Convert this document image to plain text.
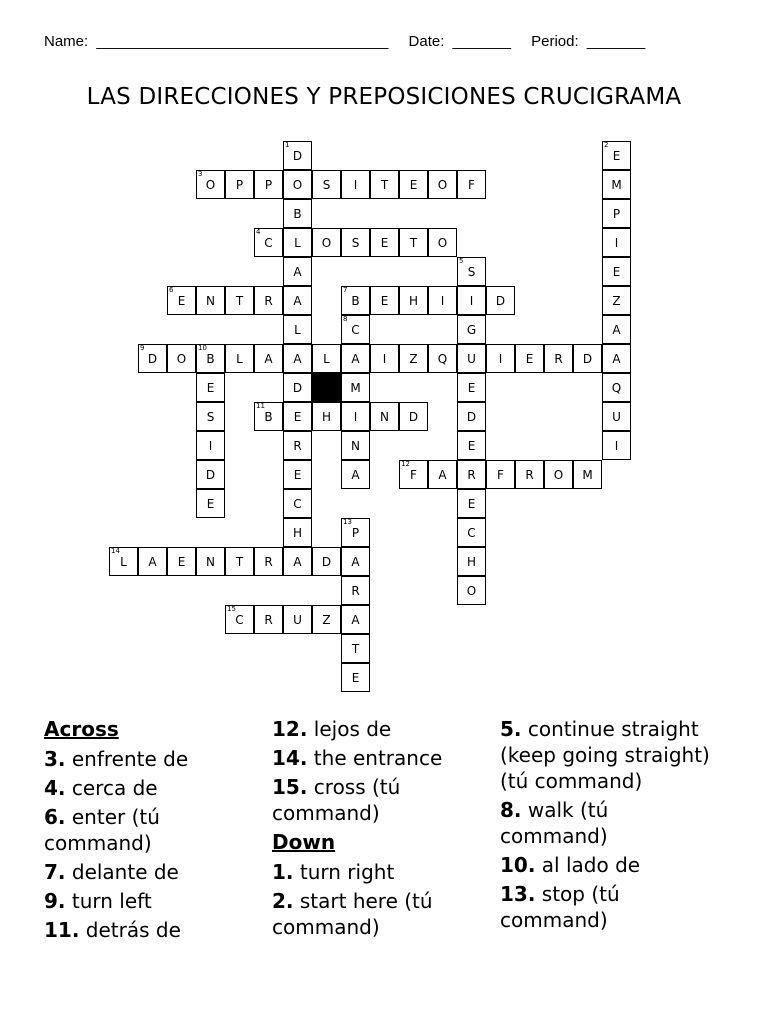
Name: ___________________________________ Date: _______ Period: _______
LAS DIRECCIONES Y PREPOSICIONES CRUCIGRAMA
1
D
O
B
L
A
A
L
A
D
E
R
E
C
H
A
2
E
M
P
I
E
Z
A
A
Q
U
I
3
O	P	P	S	I	T	E	O	F
4
C	O	S	E	T	O
5
S
I
G
U
E
D
E
R
E
C
H
O
6
E	N	T	R
7
B	E	H	I	D
8
C
A
M
I
N
A
9
D	O
10
B	L	A	L	I	Z	Q	I	E	R	D
E
S
I
D
E
11
B	H	N	D
12
F	A	F	R	O	M
13
P
A
R
A
T
E
14
L	A	E	N	T	R	D
15
C	R	U	Z
Across
3. enfrente de
4. cerca de
6. enter (tú command)
7. delante de
9. turn left
11. detrás de
12. lejos de
14. the entrance
15. cross (tú command)
Down
1. turn right
2. start here (tú command)
5. continue straight (keep going straight)(tú command)
8. walk (tú command)
10. al lado de
13. stop (tú command)
